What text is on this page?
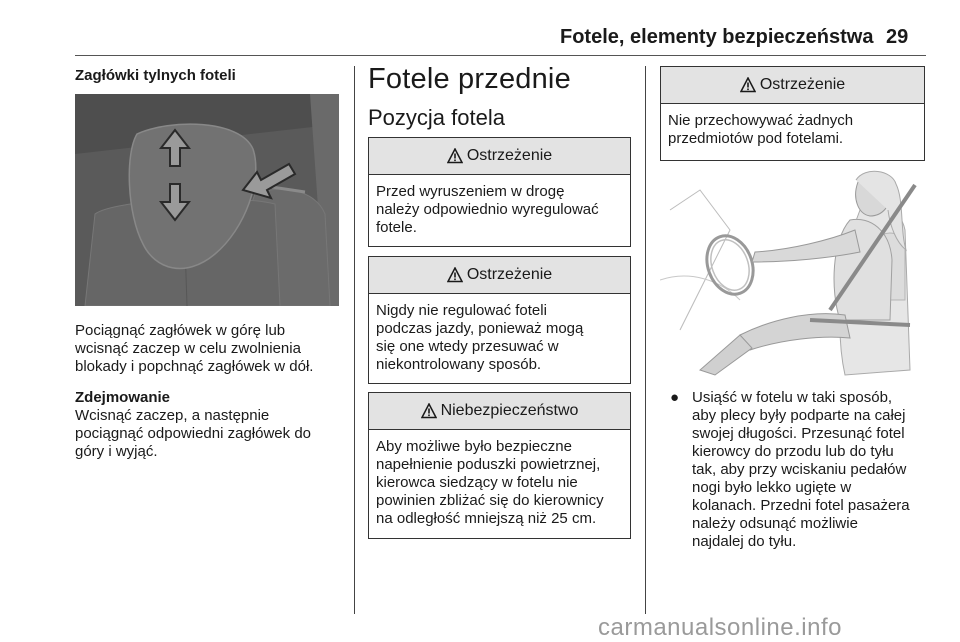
Fotele, elementy bezpieczeństwa 29
Zagłówki tylnych foteli
Pociągnąć zagłówek w górę lub
wcisnąć zaczep w celu zwolnienia
blokady i popchnąć zagłówek w dół.
Zdejmowanie
Wcisnąć zaczep, a następnie
pociągnąć odpowiedni zagłówek do
góry i wyjąć.
Fotele przednie
Pozycja fotela
Ostrzeżenie
Przed wyruszeniem w drogę
należy odpowiednio wyregulować
fotele.
Ostrzeżenie
Nigdy nie regulować foteli
podczas jazdy, ponieważ mogą
się one wtedy przesuwać w
niekontrolowany sposób.
Niebezpieczeństwo
Aby możliwe było bezpieczne
napełnienie poduszki powietrznej,
kierowca siedzący w fotelu nie
powinien zbliżać się do kierownicy
na odległość mniejszą niż 25 cm.
Ostrzeżenie
Nie przechowywać żadnych
przedmiotów pod fotelami.
● Usiąść w fotelu w taki sposób,
aby plecy były podparte na całej
swojej długości. Przesunąć fotel
kierowcy do przodu lub do tyłu
tak, aby przy wciskaniu pedałów
nogi było lekko ugięte w
kolanach. Przedni fotel pasażera
należy odsunąć możliwie
najdalej do tyłu.
carmanualsonline.info
